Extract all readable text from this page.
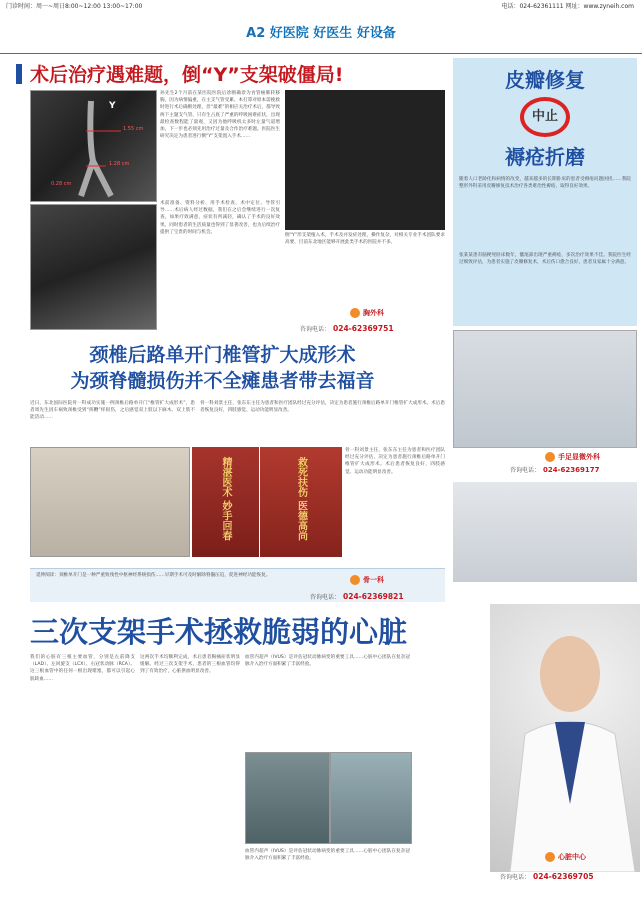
门诊时间：周一~周日8:00~12:00 13:00~17:00	电话：024-62361111 网址：www.zyneih.com
A2 好医院 好医生 好设备
术后治疗遇难题，倒“Y”支架破僵局!
Y
1.55 cm
1.28 cm
0.28 cm
孙先生2个月前在某医院医院后诊断确诊为食管癌肺转移胸，因为病情偏重，在主支气管受累、本打算对原本需挽救时进行术后确断处理，但“最难”的相应关治疗术后，都导致两下主题支气管、只有生占底了严重的呼吸困难症状，出现最检查数程能了量观，又因为他呼吸机太多时左量气道增加，下一步也必须先用治疗过量及合作治疗难题。医院医生研究决定为患者进行倒“Y”支架置入手术……
术前准备、资料分析、用手术检查、术中定位、导管引导……术后病人经过数据，我们在之后会继续进行一次复查，如果疗效满意，症状有所减轻，确认了手术的良好效果。同时患者的生活质量也得到了显著改善，也为后续治疗提供了宝贵的时间与机会。
倒“Y”形支架植入术，手术及并发症处理，操作复杂，对相关专业手术团队要求高要，目前东北地区能够开展此类手术的医院并不多。
胸外科
咨询电话： 024-62369751
皮瓣修复
中止
褥疮折磨
随着人口老龄化和病情的改变，越来越多的长期卧床的患者受褥疮问题困扰……我院整形外科采用皮瓣修复技术治疗各类难治性褥疮，取得良好效果。
张某某患有脑梗死卧床数年，骶尾部出现严重褥疮，多次治疗效果不佳。我院医生经过细致评估，为患者实施了皮瓣修复术，术后伤口愈合良好，患者及家属十分满意。
手足显微外科
咨询电话： 024-62369177
颈椎后路单开门椎管扩大成形术
为颈脊髓损伤并不全瘫患者带去福音
近日，东北国际医院骨一科成功实施一例颈椎后路单开门“椎管扩大成形术”，患者周先生因车祸致颈椎受到“挥鞭”样损伤，之后感觉双上肢以下麻木、双上肢不能活动……
骨一科刘景主任，张东东主任为患者和医疗团队经过充分评估，决定为患者施行颈椎后路单开门椎管扩大成形术。术后患者恢复良好，四肢感觉、运动功能明显改善。
精湛医术 妙手回春	救死扶伤 医德高尚
骨一科刘景主任，张东东主任为患者和医疗团队经过充分评估，决定为患者施行颈椎后路单开门椎管扩大成形术。术后患者恢复良好，四肢感觉、运动功能明显改善。
延伸阅读：颈椎单开门是一种严重致残性中枢神经系统损伤……早期手术可及时解除脊髓压迫，促进神经功能恢复。
骨一科
咨询电话： 024-62369821
三次支架手术拯救脆弱的心脏
我们的心脏有三根主要血管，分别是左前降支（LAD）、左回旋支（LCX）、右冠状动脉（RCA）。这三根血管中的任何一根出现堵塞，都可以引起心肌缺血……
这两次手术均顺利完成，术后患者胸痛症状明显缓解。经过三次支架手术，患者的三根血管均得到了有效治疗，心脏供血明显改善。
血管内超声（IVUS）是评估冠状动脉病变的重要工具……心脏中心团队在复杂冠脉介入治疗方面积累了丰富经验。
血管内超声（IVUS）是评估冠状动脉病变的重要工具……心脏中心团队在复杂冠脉介入治疗方面积累了丰富经验。	心脏中心
咨询电话： 024-62369705
